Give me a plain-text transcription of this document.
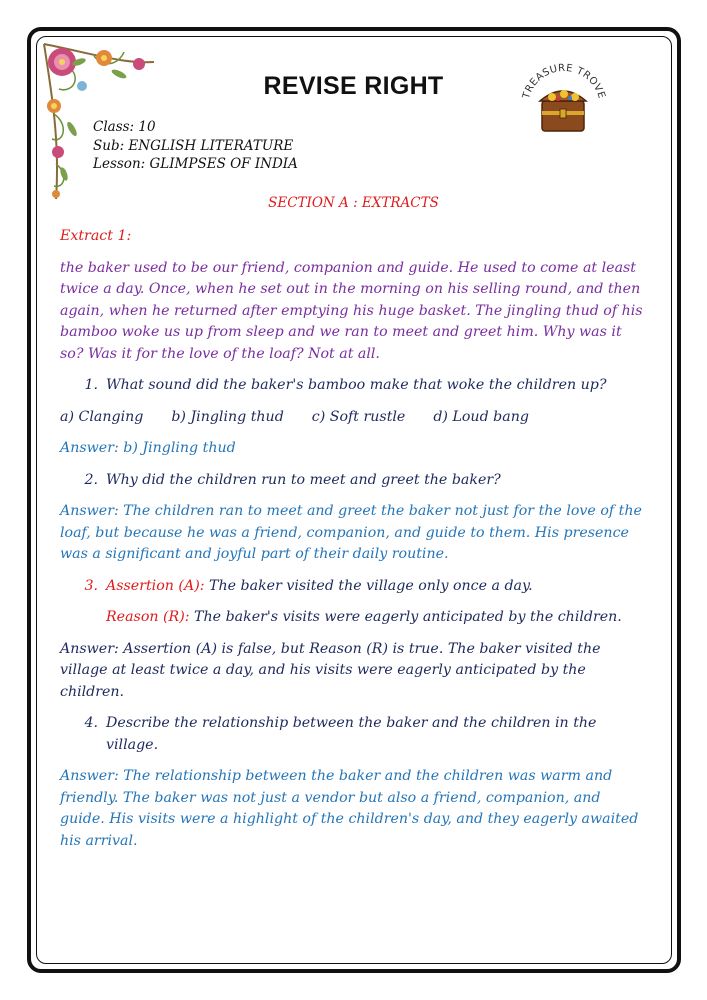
REVISE RIGHT	TREASURE TROVE
Class: 10
Sub: ENGLISH LITERATURE
Lesson: GLIMPSES OF INDIA
SECTION A : EXTRACTS
Extract 1:
the baker used to be our friend, companion and guide. He used to come at least twice a day. Once, when he set out in the morning on his selling round, and then again, when he returned after emptying his huge basket. The jingling thud of his bamboo woke us up from sleep and we ran to meet and greet him. Why was it so? Was it for the love of the loaf? Not at all.
1. What sound did the baker's bamboo make that woke the children up?
a) Clanging b) Jingling thud c) Soft rustle d) Loud bang
Answer: b) Jingling thud
2. Why did the children run to meet and greet the baker?
Answer: The children ran to meet and greet the baker not just for the love of the loaf, but because he was a friend, companion, and guide to them. His presence was a significant and joyful part of their daily routine.
3. Assertion (A): The baker visited the village only once a day.
Reason (R): The baker's visits were eagerly anticipated by the children.
Answer: Assertion (A) is false, but Reason (R) is true. The baker visited the village at least twice a day, and his visits were eagerly anticipated by the children.
4. Describe the relationship between the baker and the children in the village.
Answer: The relationship between the baker and the children was warm and friendly. The baker was not just a vendor but also a friend, companion, and guide. His visits were a highlight of the children's day, and they eagerly awaited his arrival.
